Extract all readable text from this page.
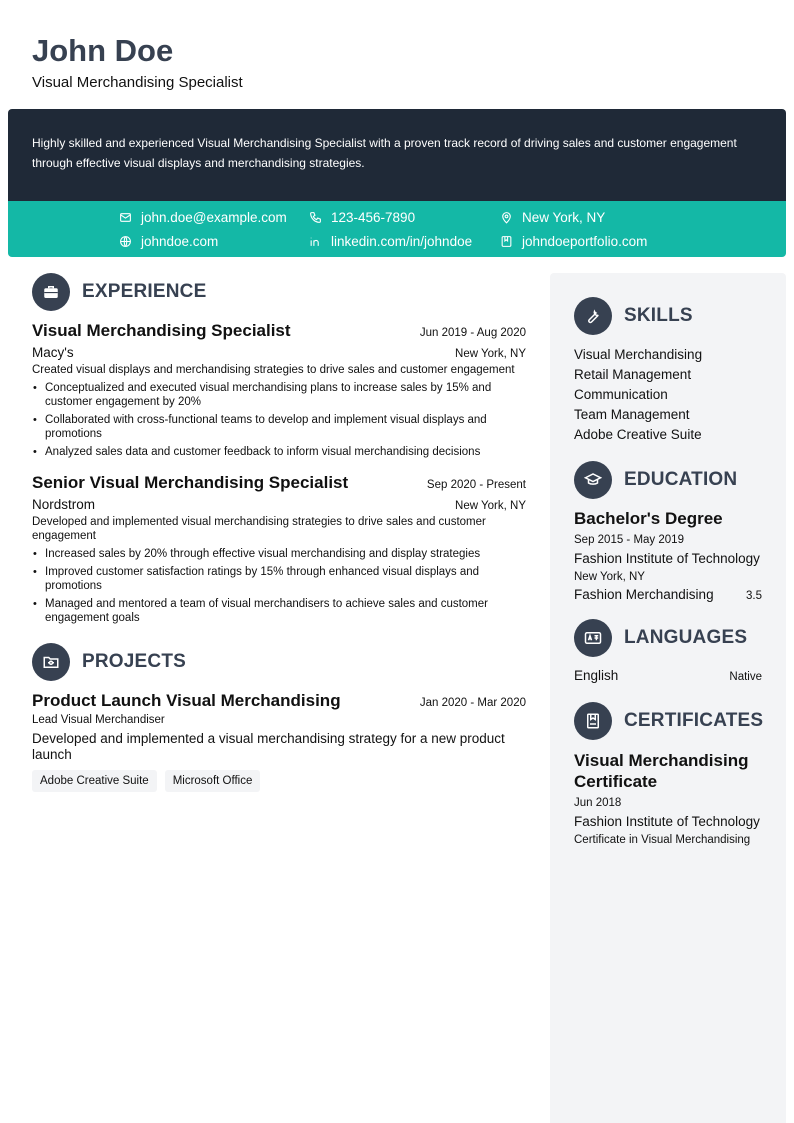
John Doe
Visual Merchandising Specialist
Highly skilled and experienced Visual Merchandising Specialist with a proven track record of driving sales and customer engagement through effective visual displays and merchandising strategies.
john.doe@example.com	123-456-7890	New York, NY
johndoe.com	linkedin.com/in/johndoe	johndoeportfolio.com
EXPERIENCE
Visual Merchandising Specialist	Jun 2019 - Aug 2020
Macy's	New York, NY
Created visual displays and merchandising strategies to drive sales and customer engagement
• Conceptualized and executed visual merchandising plans to increase sales by 15% and customer engagement by 20%
• Collaborated with cross-functional teams to develop and implement visual displays and promotions
• Analyzed sales data and customer feedback to inform visual merchandising decisions
Senior Visual Merchandising Specialist	Sep 2020 - Present
Nordstrom	New York, NY
Developed and implemented visual merchandising strategies to drive sales and customer engagement
• Increased sales by 20% through effective visual merchandising and display strategies
• Improved customer satisfaction ratings by 15% through enhanced visual displays and promotions
• Managed and mentored a team of visual merchandisers to achieve sales and customer engagement goals
PROJECTS
Product Launch Visual Merchandising	Jan 2020 - Mar 2020
Lead Visual Merchandiser
Developed and implemented a visual merchandising strategy for a new product launch
Adobe Creative Suite	Microsoft Office
SKILLS
Visual Merchandising
Retail Management
Communication
Team Management
Adobe Creative Suite
EDUCATION
Bachelor's Degree
Sep 2015 - May 2019
Fashion Institute of Technology
New York, NY
Fashion Merchandising	3.5
LANGUAGES
English	Native
CERTIFICATES
Visual Merchandising Certificate
Jun 2018
Fashion Institute of Technology
Certificate in Visual Merchandising
